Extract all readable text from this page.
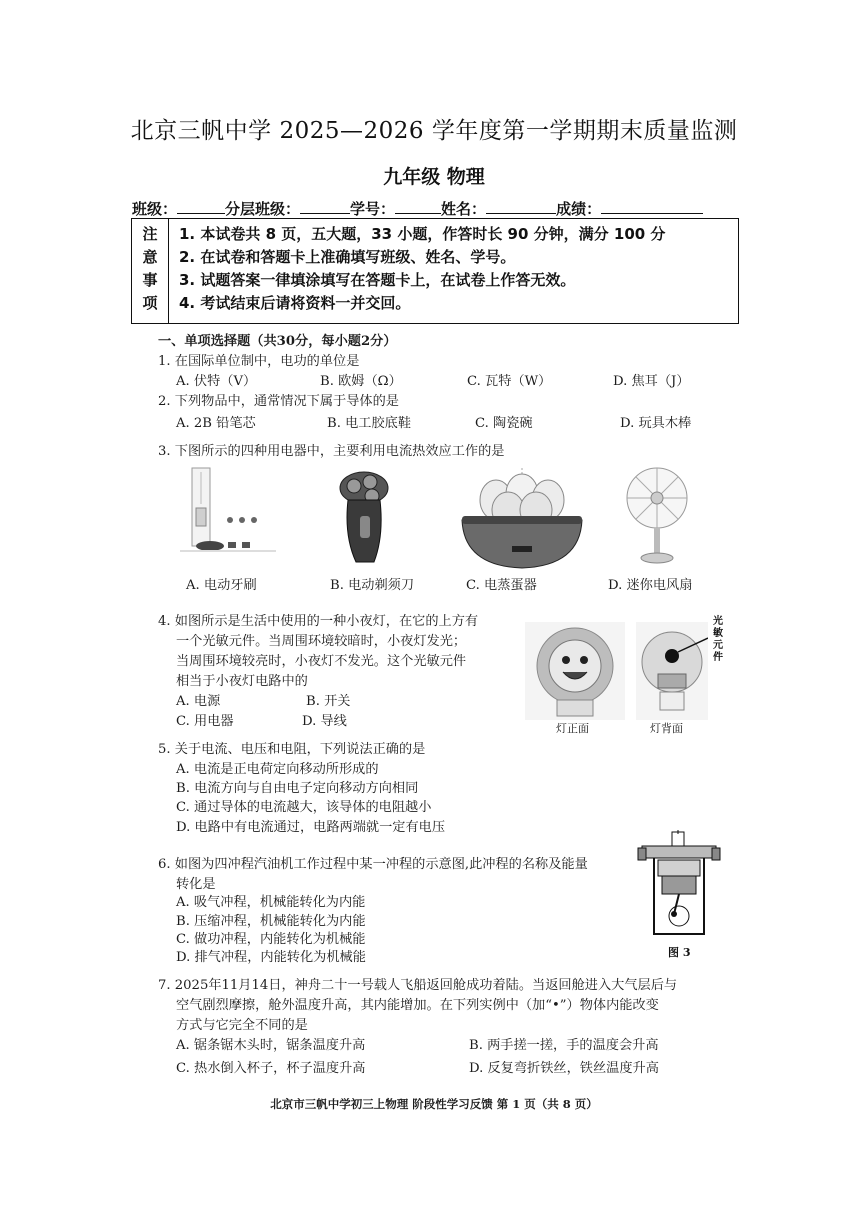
北京三帆中学 2025—2026 学年度第一学期期末质量监测
九年级 物理
班级：	分层班级：	学号：	姓名：	成绩：
注
意
事
项
1. 本试卷共 8 页，五大题，33 小题，作答时长 90 分钟，满分 100 分
2. 在试卷和答题卡上准确填写班级、姓名、学号。
3. 试题答案一律填涂填写在答题卡上，在试卷上作答无效。
4. 考试结束后请将资料一并交回。
一、单项选择题（共30分，每小题2分）
1. 在国际单位制中，电功的单位是
A. 伏特（V）	B. 欧姆（Ω）	C. 瓦特（W）	D. 焦耳（J）
2. 下列物品中，通常情况下属于导体的是
A. 2B 铅笔芯	B. 电工胶底鞋	C. 陶瓷碗	D. 玩具木棒
3. 下图所示的四种用电器中，主要利用电流热效应工作的是
A. 电动牙刷	B. 电动剃须刀	C. 电蒸蛋器	D. 迷你电风扇
4. 如图所示是生活中使用的一种小夜灯，在它的上方有
一个光敏元件。当周围环境较暗时，小夜灯发光；
当周围环境较亮时，小夜灯不发光。这个光敏元件
相当于小夜灯电路中的
A. 电源	B. 开关
C. 用电器	D. 导线
光
敏
元
件
灯正面	灯背面
5. 关于电流、电压和电阻，下列说法正确的是
A. 电流是正电荷定向移动所形成的
B. 电流方向与自由电子定向移动方向相同
C. 通过导体的电流越大，该导体的电阻越小
D. 电路中有电流通过，电路两端就一定有电压
6. 如图为四冲程汽油机工作过程中某一冲程的示意图,此冲程的名称及能量
转化是
A. 吸气冲程，机械能转化为内能
B. 压缩冲程，机械能转化为内能
C. 做功冲程，内能转化为机械能
D. 排气冲程，内能转化为机械能	图 3
7. 2025年11月14日，神舟二十一号载人飞船返回舱成功着陆。当返回舱进入大气层后与
空气剧烈摩擦，舱外温度升高，其内能增加。在下列实例中（加“•”）物体内能改变
方式与它完全不同的是
A. 锯条锯木头时，锯条温度升高	B. 两手搓一搓，手的温度会升高
C. 热水倒入杯子，杯子温度升高	D. 反复弯折铁丝，铁丝温度升高
北京市三帆中学初三上物理 阶段性学习反馈 第 1 页（共 8 页）
